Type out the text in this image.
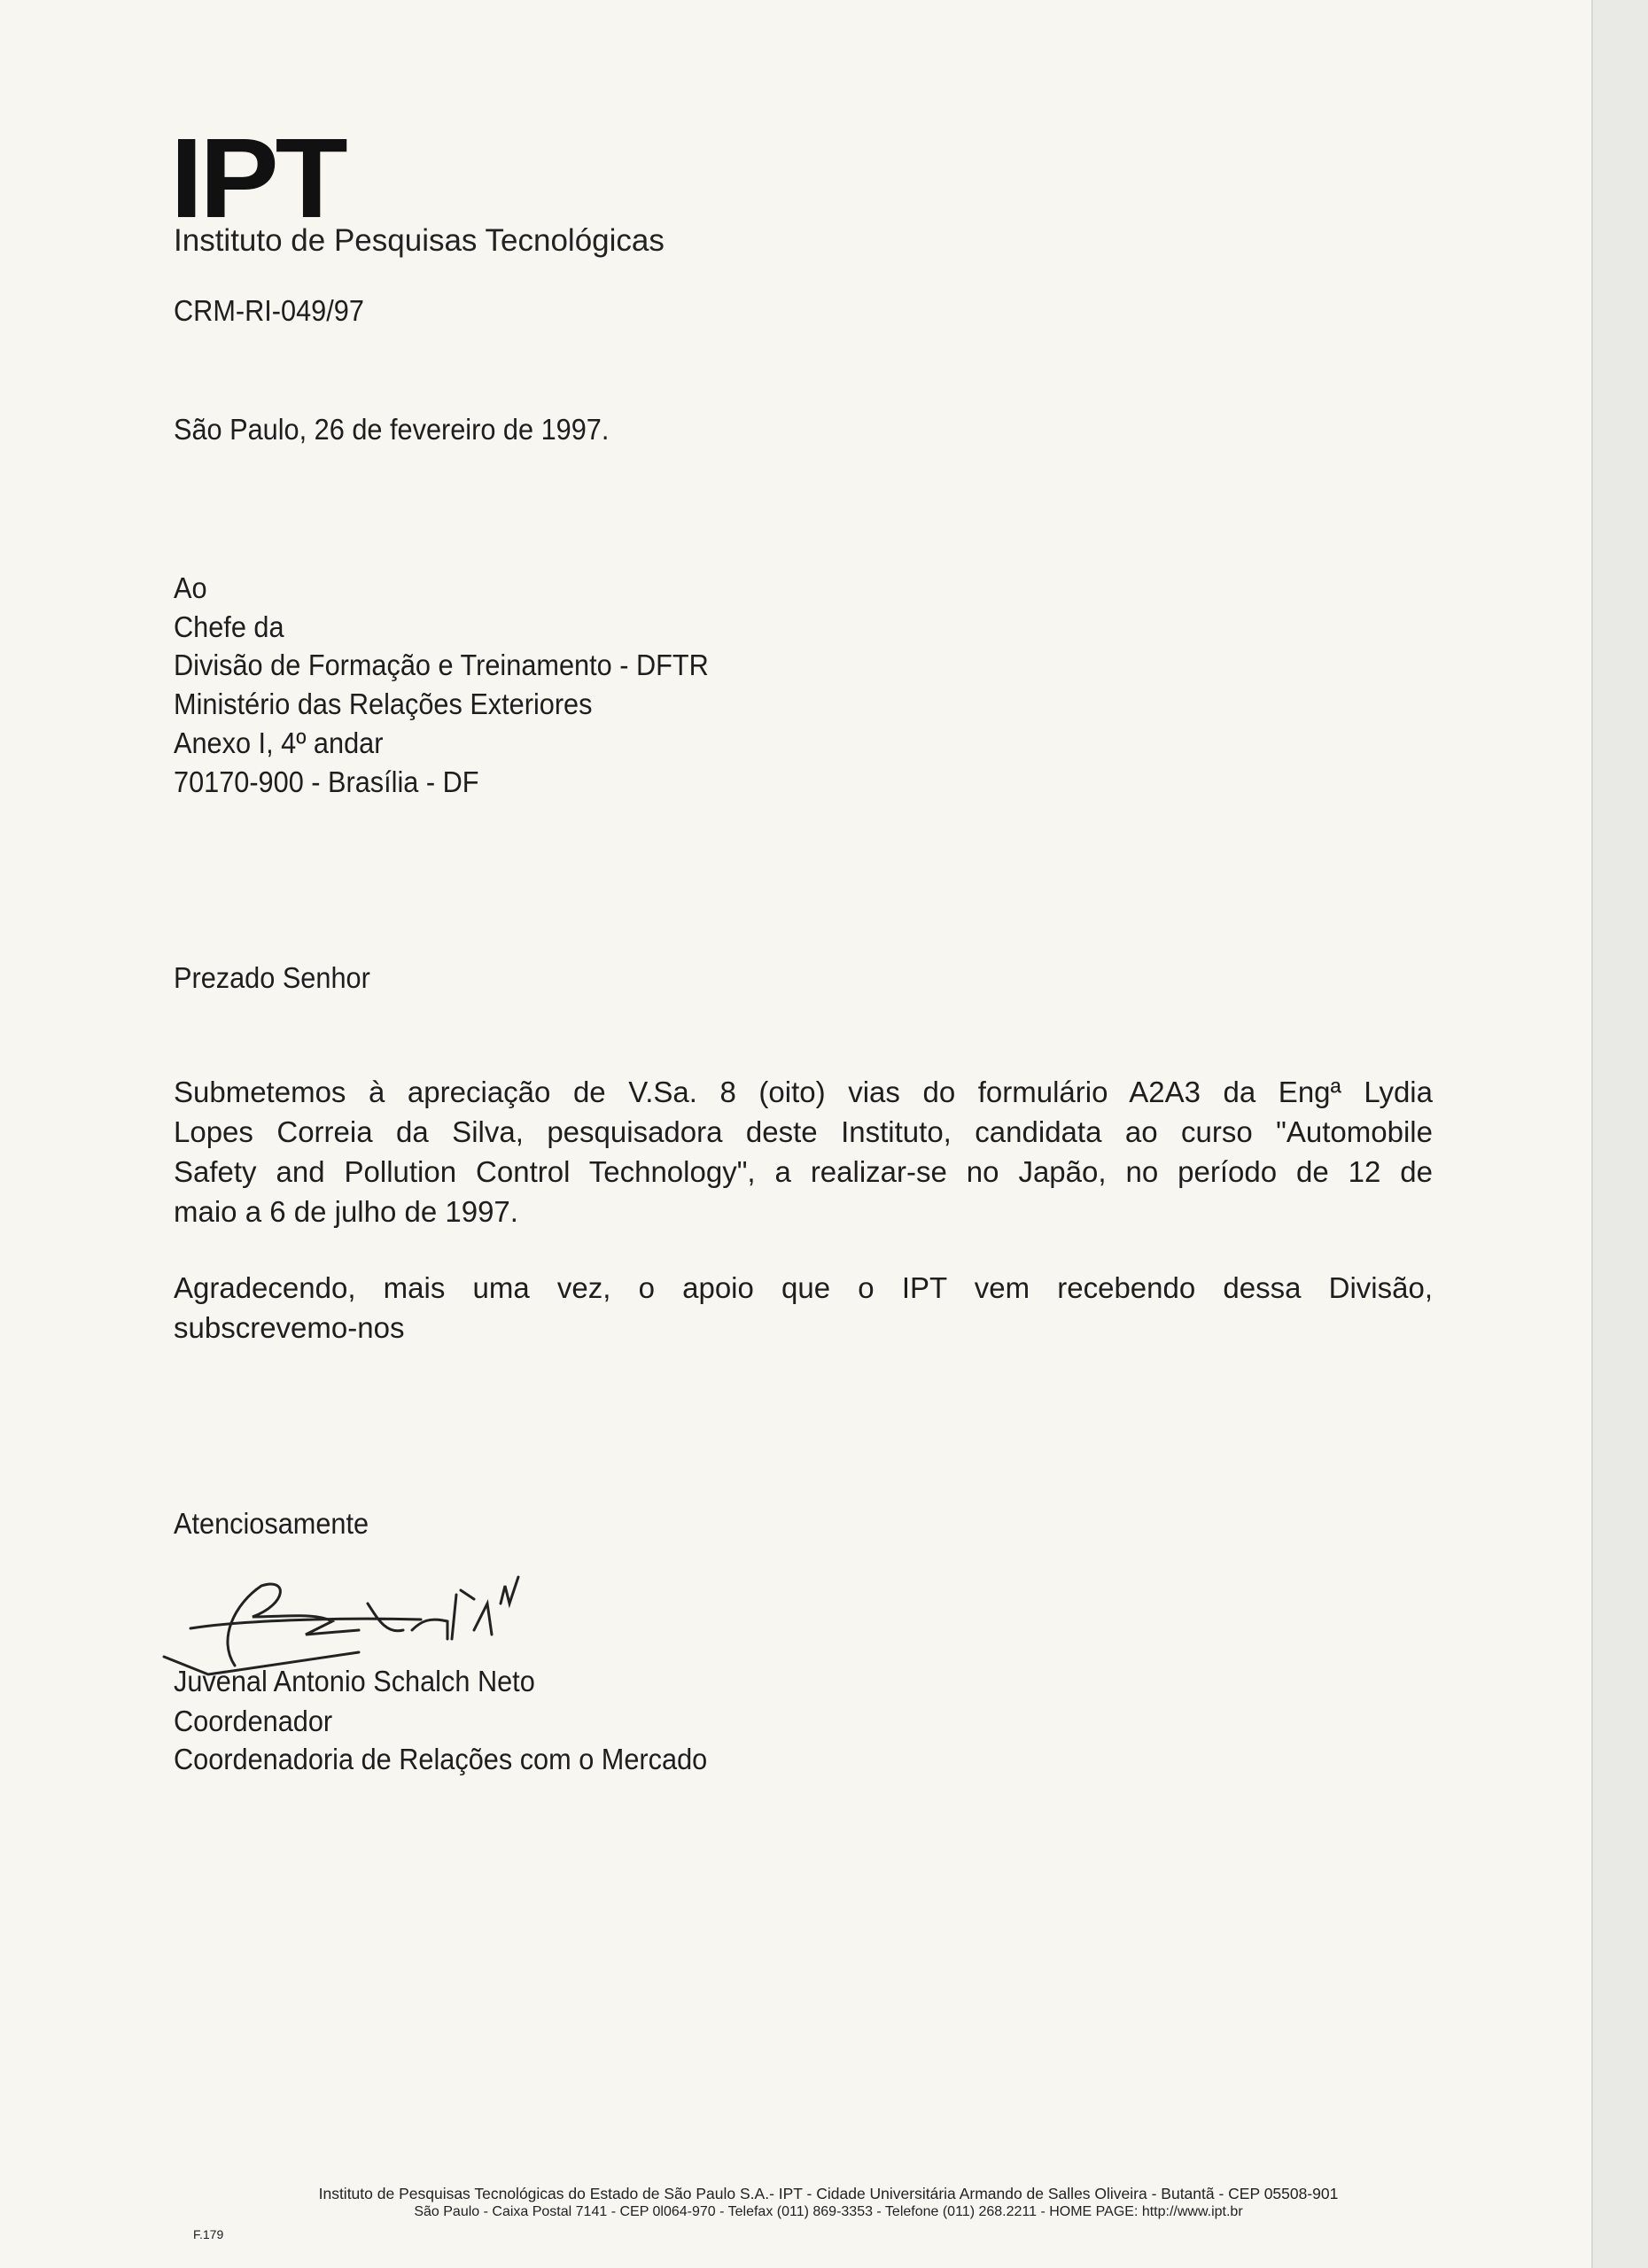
IPT
Instituto de Pesquisas Tecnológicas
CRM-RI-049/97
São Paulo, 26 de fevereiro de 1997.
Ao
Chefe da
Divisão de Formação e Treinamento - DFTR
Ministério das Relações Exteriores
Anexo I, 4º andar
70170-900 - Brasília - DF
Prezado Senhor
Submetemos à apreciação de V.Sa. 8 (oito) vias do formulário A2A3 da Engª Lydia
Lopes Correia da Silva, pesquisadora deste Instituto, candidata ao curso "Automobile
Safety and Pollution Control Technology", a realizar-se no Japão, no período de 12 de
maio a 6 de julho de 1997.
Agradecendo, mais uma vez, o apoio que o IPT vem recebendo dessa Divisão,
subscrevemo-nos
Atenciosamente
Juvenal Antonio Schalch Neto
Coordenador
Coordenadoria de Relações com o Mercado
Instituto de Pesquisas Tecnológicas do Estado de São Paulo S.A.- IPT - Cidade Universitária Armando de Salles Oliveira - Butantã - CEP 05508-901
São Paulo - Caixa Postal 7141 - CEP 0l064-970 - Telefax (011) 869-3353 - Telefone (011) 268.2211 - HOME PAGE: http://www.ipt.br
F.179
